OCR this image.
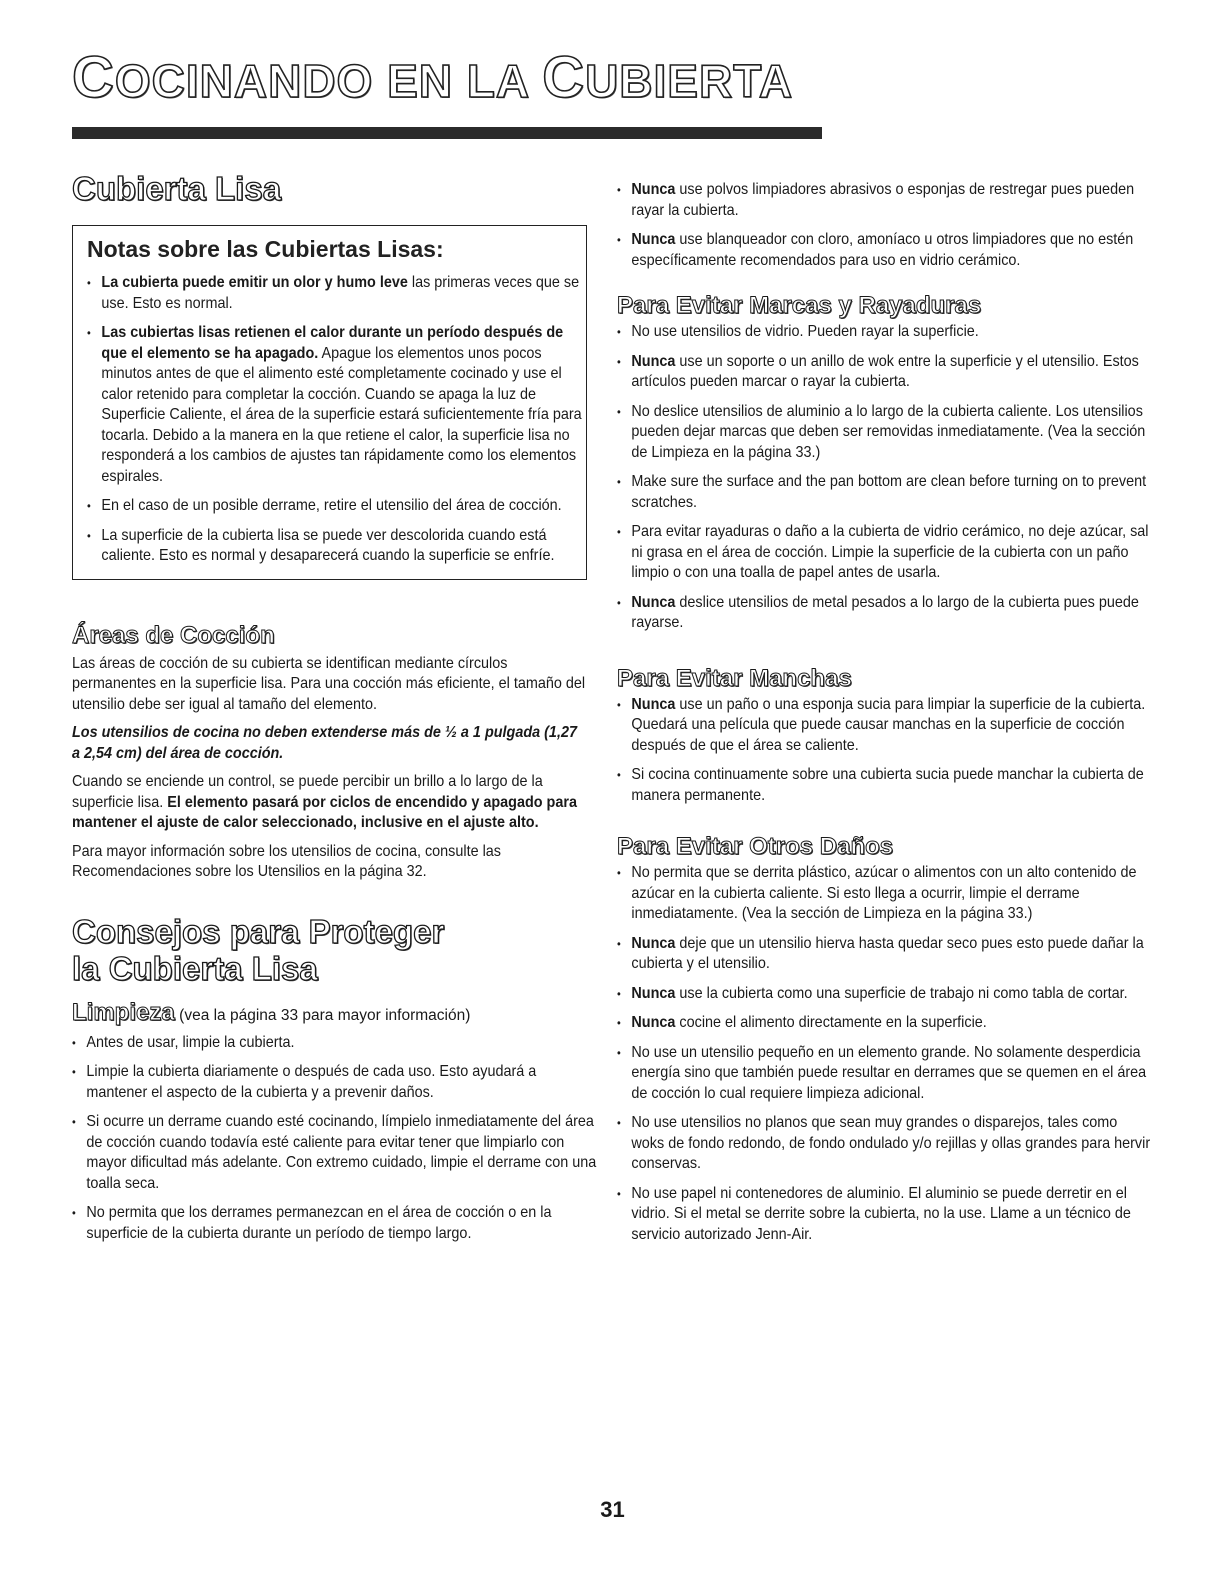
COCINANDO EN LA CUBIERTA
Cubierta Lisa
Notas sobre las Cubiertas Lisas:
• La cubierta puede emitir un olor y humo leve las primeras veces que se use. Esto es normal.
• Las cubiertas lisas retienen el calor durante un período después de que el elemento se ha apagado. Apague los elementos unos pocos minutos antes de que el alimento esté completamente cocinado y use el calor retenido para completar la cocción. Cuando se apaga la luz de Superficie Caliente, el área de la superficie estará suficientemente fría para tocarla. Debido a la manera en la que retiene el calor, la superficie lisa no responderá a los cambios de ajustes tan rápidamente como los elementos espirales.
• En el caso de un posible derrame, retire el utensilio del área de cocción.
• La superficie de la cubierta lisa se puede ver descolorida cuando está caliente. Esto es normal y desaparecerá cuando la superficie se enfríe.
Áreas de Cocción

Las áreas de cocción de su cubierta se identifican mediante círculos permanentes en la superficie lisa. Para una cocción más eficiente, el tamaño del utensilio debe ser igual al tamaño del elemento.

Los utensilios de cocina no deben extenderse más de ½ a 1 pulgada (1,27 a 2,54 cm) del área de cocción.

Cuando se enciende un control, se puede percibir un brillo a lo largo de la superficie lisa. El elemento pasará por ciclos de encendido y apagado para mantener el ajuste de calor seleccionado, inclusive en el ajuste alto.

Para mayor información sobre los utensilios de cocina, consulte las Recomendaciones sobre los Utensilios en la página 32.

Consejos para Proteger
la Cubierta Lisa
Limpieza (vea la página 33 para mayor información)
• Antes de usar, limpie la cubierta.
• Limpie la cubierta diariamente o después de cada uso. Esto ayudará a mantener el aspecto de la cubierta y a prevenir daños.
• Si ocurre un derrame cuando esté cocinando, límpielo inmediatamente del área de cocción cuando todavía esté caliente para evitar tener que limpiarlo con mayor dificultad más adelante. Con extremo cuidado, limpie el derrame con una toalla seca.
• No permita que los derrames permanezcan en el área de cocción o en la superficie de la cubierta durante un período de tiempo largo.
• Nunca use polvos limpiadores abrasivos o esponjas de restregar pues pueden rayar la cubierta.
• Nunca use blanqueador con cloro, amoníaco u otros limpiadores que no estén específicamente recomendados para uso en vidrio cerámico.
Para Evitar Marcas y Rayaduras
• No use utensilios de vidrio. Pueden rayar la superficie.
• Nunca use un soporte o un anillo de wok entre la superficie y el utensilio. Estos artículos pueden marcar o rayar la cubierta.
• No deslice utensilios de aluminio a lo largo de la cubierta caliente. Los utensilios pueden dejar marcas que deben ser removidas inmediatamente. (Vea la sección de Limpieza en la página 33.)
• Make sure the surface and the pan bottom are clean before turning on to prevent scratches.
• Para evitar rayaduras o daño a la cubierta de vidrio cerámico, no deje azúcar, sal ni grasa en el área de cocción. Limpie la superficie de la cubierta con un paño limpio o con una toalla de papel antes de usarla.
• Nunca deslice utensilios de metal pesados a lo largo de la cubierta pues puede rayarse.
Para Evitar Manchas
• Nunca use un paño o una esponja sucia para limpiar la superficie de la cubierta. Quedará una película que puede causar manchas en la superficie de cocción después de que el área se caliente.
• Si cocina continuamente sobre una cubierta sucia puede manchar la cubierta de manera permanente.
Para Evitar Otros Daños
• No permita que se derrita plástico, azúcar o alimentos con un alto contenido de azúcar en la cubierta caliente. Si esto llega a ocurrir, limpie el derrame inmediatamente. (Vea la sección de Limpieza en la página 33.)
• Nunca deje que un utensilio hierva hasta quedar seco pues esto puede dañar la cubierta y el utensilio.
• Nunca use la cubierta como una superficie de trabajo ni como tabla de cortar.
• Nunca cocine el alimento directamente en la superficie.
• No use un utensilio pequeño en un elemento grande. No solamente desperdicia energía sino que también puede resultar en derrames que se quemen en el área de cocción lo cual requiere limpieza adicional.
• No use utensilios no planos que sean muy grandes o disparejos, tales como woks de fondo redondo, de fondo ondulado y/o rejillas y ollas grandes para hervir conservas.
• No use papel ni contenedores de aluminio. El aluminio se puede derretir en el vidrio. Si el metal se derrite sobre la cubierta, no la use. Llame a un técnico de servicio autorizado Jenn-Air.
31
